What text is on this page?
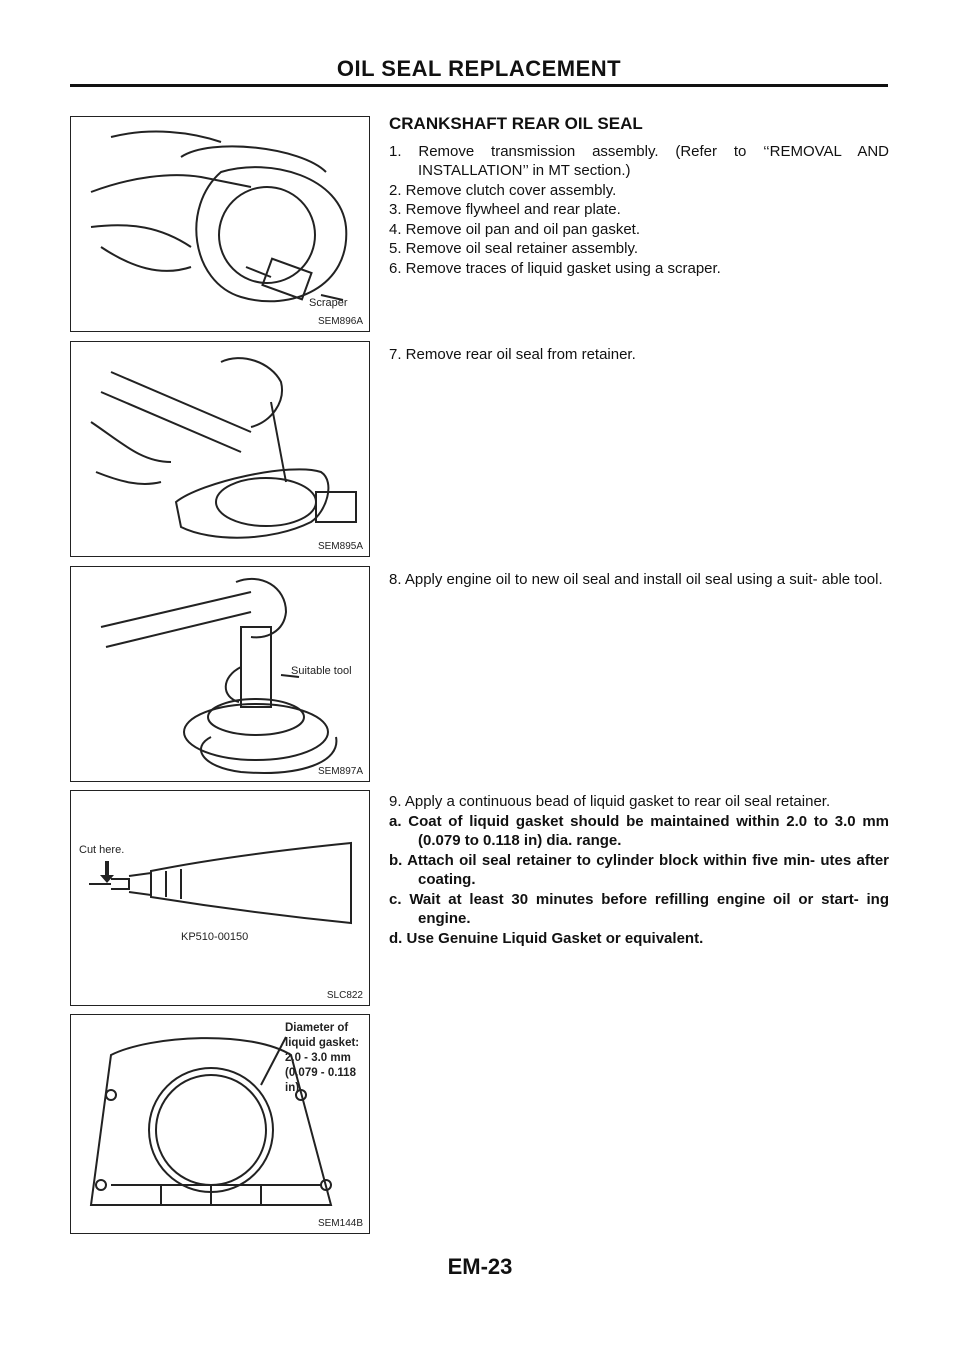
OIL SEAL REPLACEMENT
Scraper
SEM896A
SEM895A
Suitable tool
SEM897A
Cut here.
KP510-00150
SLC822
Diameter of liquid gasket: 2.0 - 3.0 mm (0.079 - 0.118 in)
SEM144B
CRANKSHAFT REAR OIL SEAL

1. Remove transmission assembly. (Refer to ‘‘REMOVAL AND INSTALLATION’’ in MT section.)

2. Remove clutch cover assembly.

3. Remove flywheel and rear plate.

4. Remove oil pan and oil pan gasket.

5. Remove oil seal retainer assembly.

6. Remove traces of liquid gasket using a scraper.

7. Remove rear oil seal from retainer.

8. Apply engine oil to new oil seal and install oil seal using a suit- able tool.

9. Apply a continuous bead of liquid gasket to rear oil seal retainer.

a. Coat of liquid gasket should be maintained within 2.0 to 3.0 mm (0.079 to 0.118 in) dia. range.

b. Attach oil seal retainer to cylinder block within five min- utes after coating.

c. Wait at least 30 minutes before refilling engine oil or start- ing engine.

d. Use Genuine Liquid Gasket or equivalent.

EM-23
